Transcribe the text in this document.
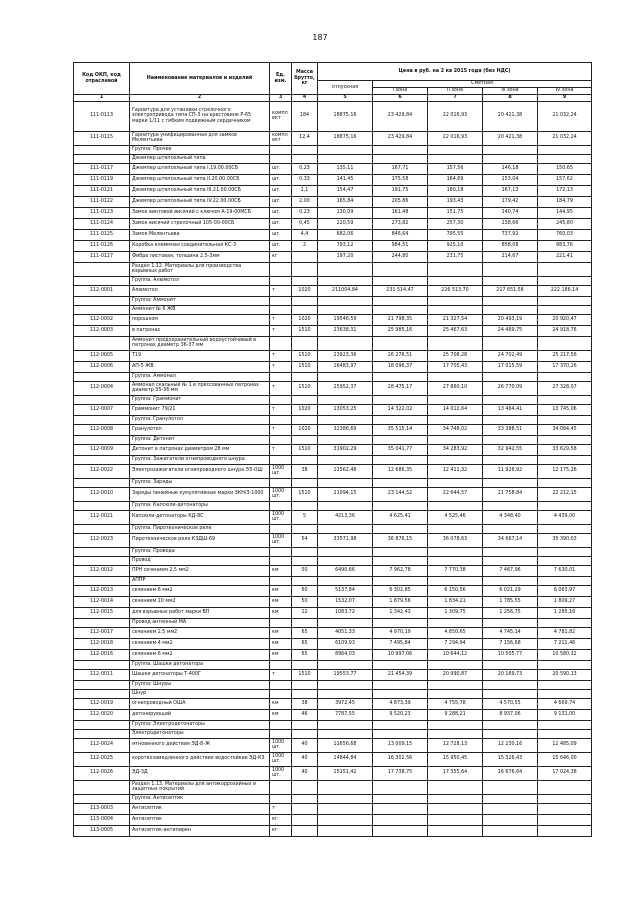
187
Код ОКП, код отраслевой	Наименование материалов и изделий	Ед. изм.	Масса брутто, кг	Цена в руб. на 2 кв 2015 года (без НДС)				
				отпускная	Сметная			
					I зона	II зона	III зона	IV зона
1	2	3	4	5	6	7	8	9
111-0113	Гарнитура для установки стрелочного электропривода типа СП-3 на крестовине Р-65 марки 1/11 с гибким подвижным сердечником	компл ект	184	18875,16	23 429,84	22 016,93	20 421,38	21 032,24
111-0115	Гарнитура унифицированная для замков Мелентьева	компл ект	12,4	18875,16	23 429,84	22 016,93	20 421,38	21 032,24
	Группа: Прочее							
	Джемпер штепсельный типа							
111-0117	Джемпер штепсельный типа I.19.00.00СБ	шт.	0,23	135,11	167,71	157,56	146,18	150,65
111-0119	Джемпер штепсельный типа II.20.00.00СБ	шт.	0,33	141,45	175,58	164,69	153,04	157,62
111-0121	Джемпер штепсельный типа III.21.00.00СБ	шт.	1,1	154,47	191,75	180,18	167,13	172,13
111-0122	Джемпер штепсельный типа IV.22.00.00СБ	шт.	2,00	165,84	205,86	193,43	179,42	184,79
111-0123	Замок винтовой висячий с ключом А-19-00МСБ	шт.	0,23	130,09	161,48	151,75	140,74	144,95
111-0124	Замок висячий стрелочный 105-00-00СБ	шт.	0,45	220,59	273,82	257,30	238,66	245,80
111-0125	Замок Мелентьева	шт.	4,4	682,06	846,64	795,55	737,92	760,03
111-0126	Коробка клеммная соединительная КС-3	шт.	2	793,12	984,51	925,10	858,08	883,76
111-0127	Фибра листовая, толщина 2,5-3мм	кг		197,20	244,80	231,75	214,67	221,41
	Раздел 1.12. Материалы для производства взрывных работ							
	Группа: Алюмотол							
112-0001	Алюмотол	т	1020	211004,84	231 514,47	226 513,70	217 651,58	222 186,14
	Группа: Аммонит							
	Аммонит № 6 ЖВ							
112-0002	порошком	т	1020	19546,59	21 798,35	21 327,54	20 493,19	20 920,47
112-0003	в патронах	т	1510	23638,31	25 985,16	25 467,63	24 469,75	24 918,76
	Аммонит предохранительный водоустойчивый в патронах диаметр 36-37 мм							
112-0005	Т19	т	1510	23923,36	26 276,51	25 708,28	24 702,49	25 217,56
112-0006	АП-5 ЖВ	т	1510	16483,97	18 096,37	17 705,43	17 015,59	17 370,26
	Группа: Аммонал							
112-0004	Аммонал скальный № 1 в прессованных патронах диаметр 35-36 мм	т	1510	25952,37	28 475,17	27 860,10	26 770,09	27 328,07
	Группа: Граммонит							
112-0007	Граммонит 79/21	т	1020	13053,25	14 322,02	14 012,64	13 464,41	13 745,06
	Группа: Гранулотол							
112-0008	Гранулотол	т	1020	32386,69	35 515,14	34 748,02	33 388,51	34 084,45
	Группа: Детонит							
112-0009	Детонит в патронах диаметром 28 мм	т	1510	31902,29	35 041,77	34 283,92	32 942,55	33 629,58
	Группа: Зажигатели огнепроводного шнура							
112-0022	Электрозажигатели огнепроводного шнура ЭЗ-ОШ	1000 шт.	38	11562,48	12 686,35	12 412,32	11 926,92	12 175,26
	Группа: Заряды							
112-0010	Заряды линейные кумулятивные марки ЗКН/3-1000	1000 шт.	1510	21094,15	23 144,52	22 644,57	21 758,84	22 212,15
	Группа: Капсюли-детонаторы							
112-0021	Капсюли-детонаторы КД-8С	1000 шт.	5	4213,36	4 625,41	4 525,46	4 348,40	4 439,00
	Группа: Пиротехническое реле							
112-0023	Пиротехническое реле КЗДШ-69	1000 шт.	54	33571,98	36 876,15	36 078,63	34 667,14	35 390,03
	Группа: Провода							
	Провод							
112-0012	ПРН сечением 2,5 мм2	км	50	6490,66	7 962,78	7 770,38	7 467,96	7 630,01
	АППР							
112-0013	сечением 6 мм2	км	60	5137,84	6 302,85	6 150,56	6 021,29	6 063,97
112-0014	сечением 10 мм2	км	50	1532,07	1 879,56	1 834,21	1 785,55	1 809,27
112-0015	для взрывных работ марки ВП	км	12	1083,72	1 342,43	1 309,75	1 256,75	1 285,16
	Провод антенный МА							
112-0017	сечением 2,5 мм2	км	65	4051,33	4 970,19	4 850,65	4 745,14	4 781,82
112-0018	сечением 4 мм2	км	65	6109,93	7 495,84	7 294,94	7 156,68	7 211,46
112-0016	сечением 6 мм2	км	65	8964,03	10 997,06	10 644,12	10 505,77	10 580,32
	Группа: Шашки детонатора							
112-0011	Шашки детонаторы Т-400Г	т	1510	19553,77	21 454,39	20 990,87	20 169,73	20 590,13
	Группа: Шнуры							
	Шнур							
112-0019	огнепроводный ОША	км	38	3972,45	4 873,39	4 755,78	4 570,55	4 669,74
112-0020	детонирующий	км	46	7787,55	9 520,23	9 288,21	8 937,06	9 131,00
	Группа: Электродетонаторы							
	Электродетонаторы							
112-0024	мгновенного действия ЭД-8-Ж	1000 шт.	40	11656,68	13 009,15	12 728,13	12 230,16	12 485,09
112-0025	короткозамедленного действия водостойкие ЭД-КЗ	1000 шт.	40	14844,84	16 302,56	15 950,45	15 326,43	15 646,00
112-0026	ЭД-3Д	1000 шт.	40	15151,42	17 738,75	17 355,64	16 676,64	17 024,38
	Раздел 1.13. Материалы для антикоррозийных и защитных покрытий							
	Группа: Антисептик							
113-0003	Антисептик	т						
113-0004	Антисептик	кг						
113-0005	Антисептик-антипирен	кг						
